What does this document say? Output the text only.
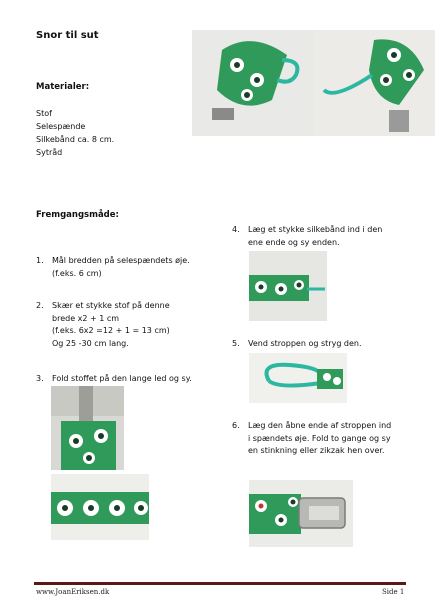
Snor til sut
Materialer:
Stof
Selespænde
Silkebånd ca. 8 cm.
Sytråd
Fremgangsmåde:
1. Mål bredden på selespændets øje.
(f.eks. 6 cm)
2. Skær et stykke stof på denne
brede x2 + 1 cm
(f.eks. 6x2 =12 + 1 = 13 cm)
Og 25 -30 cm lang.
3. Fold stoffet på den lange led og sy.
4. Læg et stykke silkebånd ind i den
ene ende og sy enden.
5. Vend stroppen og stryg den.
6. Læg den åbne ende af stroppen ind
i spændets øje. Fold to gange og sy
en stinkning eller zikzak hen over.
www.JoanEriksen.dk	Side 1
